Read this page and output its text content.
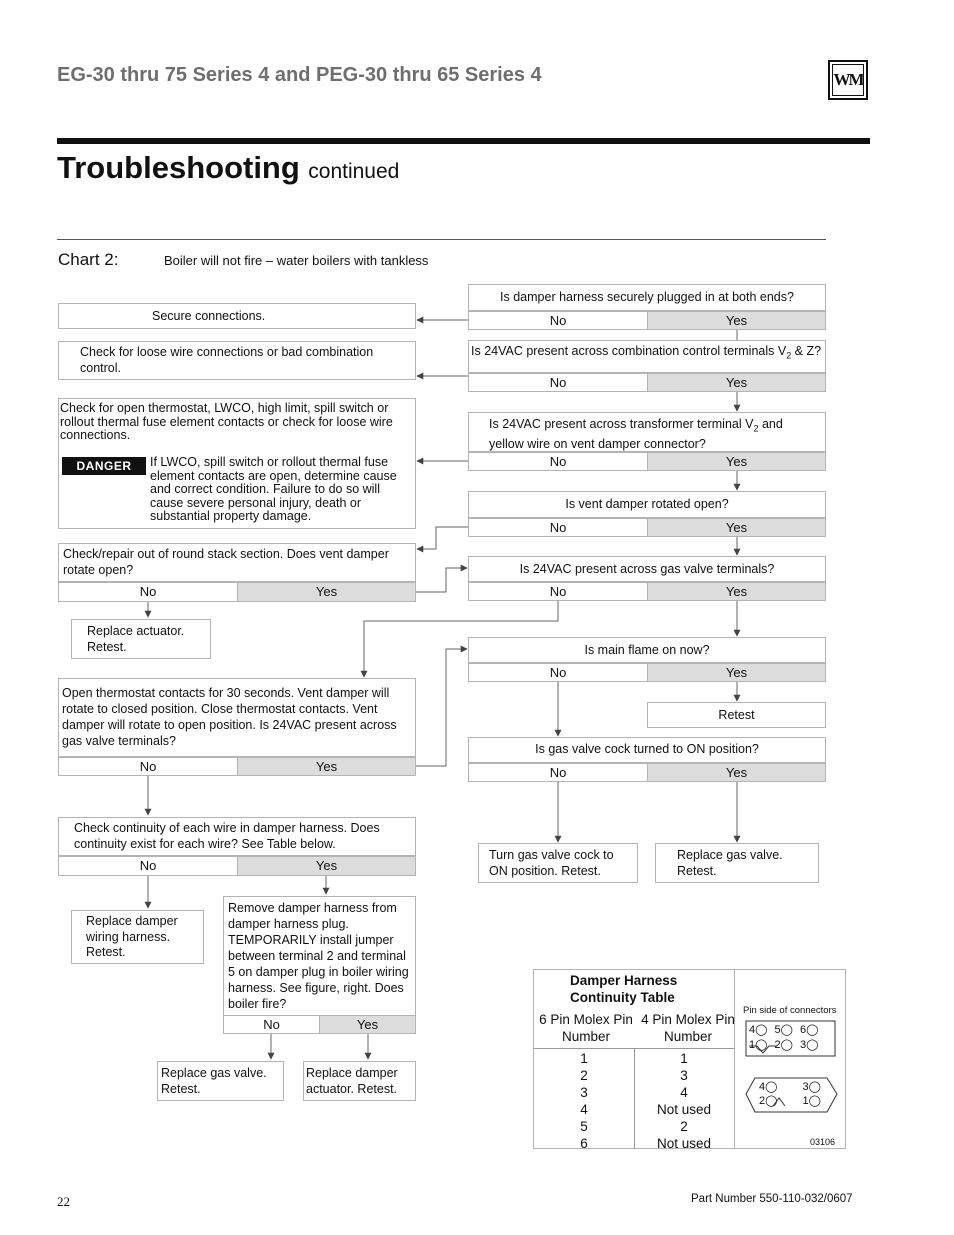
EG-30 thru 75 Series 4 and PEG-30 thru 65 Series 4	WM
Troubleshooting continued
Chart 2:	Boiler will not fire – water boilers with tankless
Is damper harness securely plugged in at both ends?
No	Yes
Is 24VAC present across combination control terminals $V_2$ & Z?
No	Yes
Is 24VAC present across transformer terminal $V_2$ and yellow wire on vent damper connector?
No	Yes
Is vent damper rotated open?
No	Yes
Is 24VAC present across gas valve terminals?
No	Yes
Is main flame on now?
No	Yes
Retest
Is gas valve cock turned to ON position?
No	Yes
Turn gas valve cock to ON position. Retest.
Replace gas valve. Retest.
Secure connections.
Check for loose wire connections or bad combination control.
Check for open thermostat, LWCO, high limit, spill switch or rollout thermal fuse element contacts or check for loose wire connections.
DANGER	If LWCO, spill switch or rollout thermal fuse element contacts are open, determine cause and correct condition. Failure to do so will cause severe personal injury, death or substantial property damage.
Check/repair out of round stack section. Does vent damper rotate open?
No	Yes
Replace actuator. Retest.
Open thermostat contacts for 30 seconds. Vent damper will rotate to closed position. Close thermostat contacts. Vent damper will rotate to open position. Is 24VAC present across gas valve terminals?
No	Yes
Check continuity of each wire in damper harness. Does continuity exist for each wire? See Table below.
No	Yes
Replace damper wiring harness. Retest.
Remove damper harness from damper harness plug. TEMPORARILY install jumper between terminal 2 and terminal 5 on damper plug in boiler wiring harness. See figure, right. Does boiler fire?
No	Yes
Replace gas valve. Retest.
Replace damper actuator. Retest.
Damper Harness Continuity Table
6 Pin Molex Pin Number
4 Pin Molex Pin Number
1	1
2	3
3	4
4	Not used
5	2
6	Not used
Pin side of connectors
4◯ 5◯ 6◯
1◯ 2◯ 3◯
4◯ 3◯
2◯ 1◯
03106
22	Part Number 550-110-032/0607
